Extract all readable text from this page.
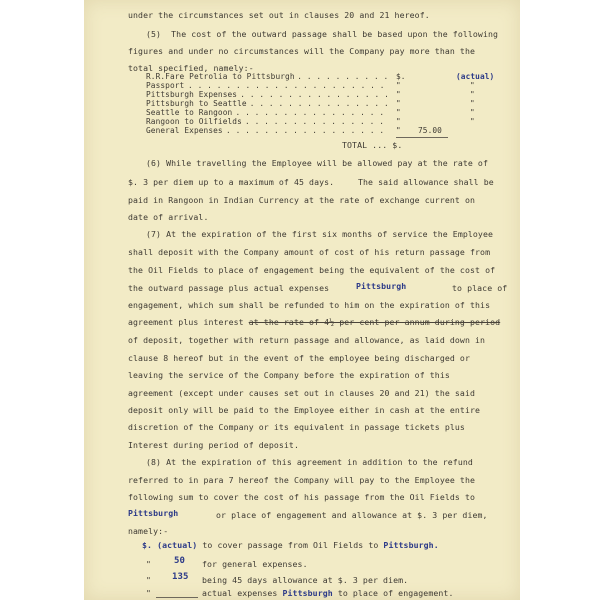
under the circumstances set out in clauses 20 and 21 hereof.
(5)  The cost of the outward passage shall be based upon the following
figures and under no circumstances will the Company pay more than the
total specified, namely:-
R.R.Fare Petrolia to Pittsburgh . . . . . . . . . . $.	(actual)
Passport . . . . . . . . . . . . . . . . . . . . . "	"
Pittsburgh Expenses . . . . . . . . . . . . . . . . "	"
Pittsburgh to Seattle . . . . . . . . . . . . . . . "	"
Seattle to Rangoon . . . . . . . . . . . . . . . . "	"
Rangoon to Oilfields . . . . . . . . . . . . . . . "	"
General Expenses . . . . . . . . . . . . . . . . . " 75.00
TOTAL ... $.
(6) While travelling the Employee will be allowed pay at the rate of
$. 3 per diem up to a maximum of 45 days.	The said allowance shall be
paid in Rangoon in Indian Currency at the rate of exchange current on
date of arrival.
(7) At the expiration of the first six months of service the Employee
shall deposit with the Company amount of cost of his return passage from
the Oil Fields to place of engagement being the equivalent of the cost of
the outward passage plus actual expenses	Pittsburgh	to place of
engagement, which sum shall be refunded to him on the expiration of this
agreement plus interest at the rate of 4½ per cent per annum during period
of deposit, together with return passage and allowance, as laid down in
clause 8 hereof but in the event of the employee being discharged or
leaving the service of the Company before the expiration of this
agreement (except under causes set out in clauses 20 and 21) the said
deposit only will be paid to the Employee either in cash at the entire
discretion of the Company or its equivalent in passage tickets plus
Interest during period of deposit.
(8) At the expiration of this agreement in addition to the refund
referred to in para 7 hereof the Company will pay to the Employee the
following sum to cover the cost of his passage from the Oil Fields to
Pittsburgh	or place of engagement and allowance at $. 3 per diem,
namely:-
$. (actual) to cover passage from Oil Fields to Pittsburgh.
"	50 for general expenses.
" 135 being 45 days allowance at $. 3 per diem.
"	actual expenses Pittsburgh to place of engagement.
